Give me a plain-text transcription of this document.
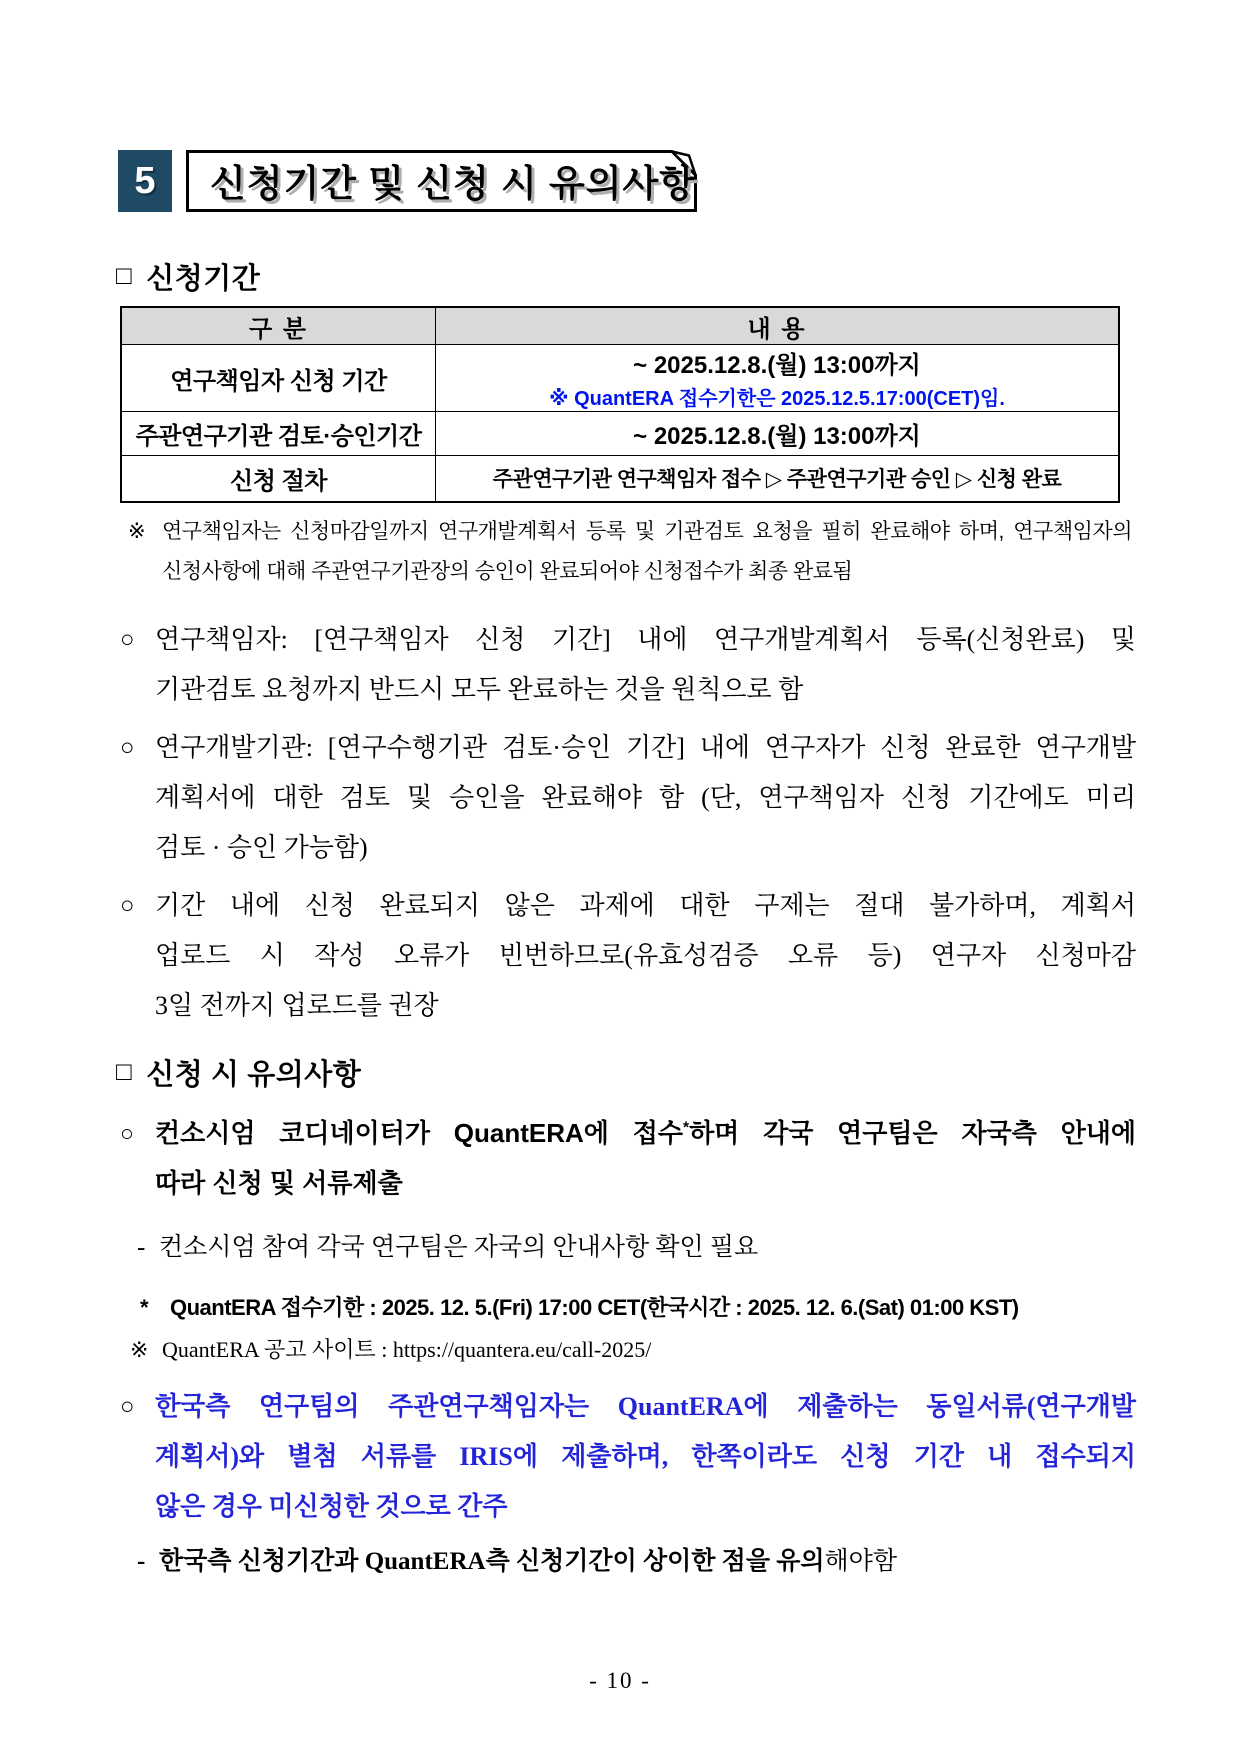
5	신청기간 및 신청 시 유의사항
□ 신청기간
구 분	내 용
연구책임자 신청 기간	~ 2025.12.8.(월) 13:00까지
※ QuantERA 접수기한은 2025.12.5.17:00(CET)임.

주관연구기관 검토·승인기간	~ 2025.12.8.(월) 13:00까지
신청 절차	주관연구기관 연구책임자 접수 ▷ 주관연구기관 승인 ▷ 신청 완료
※ 연구책임자는 신청마감일까지 연구개발계획서 등록 및 기관검토 요청을 필히 완료해야 하며, 연구책임자의
신청사항에 대해 주관연구기관장의 승인이 완료되어야 신청접수가 최종 완료됨
○ 연구책임자: [연구책임자 신청 기간] 내에 연구개발계획서 등록(신청완료) 및
기관검토 요청까지 반드시 모두 완료하는 것을 원칙으로 함
○ 연구개발기관: [연구수행기관 검토·승인 기간] 내에 연구자가 신청 완료한 연구개발
계획서에 대한 검토 및 승인을 완료해야 함 (단, 연구책임자 신청 기간에도 미리
검토 · 승인 가능함)
○ 기간 내에 신청 완료되지 않은 과제에 대한 구제는 절대 불가하며, 계획서
업로드 시 작성 오류가 빈번하므로(유효성검증 오류 등) 연구자 신청마감
3일 전까지 업로드를 권장
□ 신청 시 유의사항
○ 컨소시엄 코디네이터가 QuantERA에 접수*하며 각국 연구팀은 자국측 안내에
따라 신청 및 서류제출
- 컨소시엄 참여 각국 연구팀은 자국의 안내사항 확인 필요
* QuantERA 접수기한 : 2025. 12. 5.(Fri) 17:00 CET(한국시간 : 2025. 12. 6.(Sat) 01:00 KST)
※ QuantERA 공고 사이트 : https://quantera.eu/call-2025/
○ 한국측 연구팀의 주관연구책임자는 QuantERA에 제출하는 동일서류(연구개발
계획서)와 별첨 서류를 IRIS에 제출하며, 한쪽이라도 신청 기간 내 접수되지
않은 경우 미신청한 것으로 간주
- 한국측 신청기간과 QuantERA측 신청기간이 상이한 점을 유의해야함
- 10 -
